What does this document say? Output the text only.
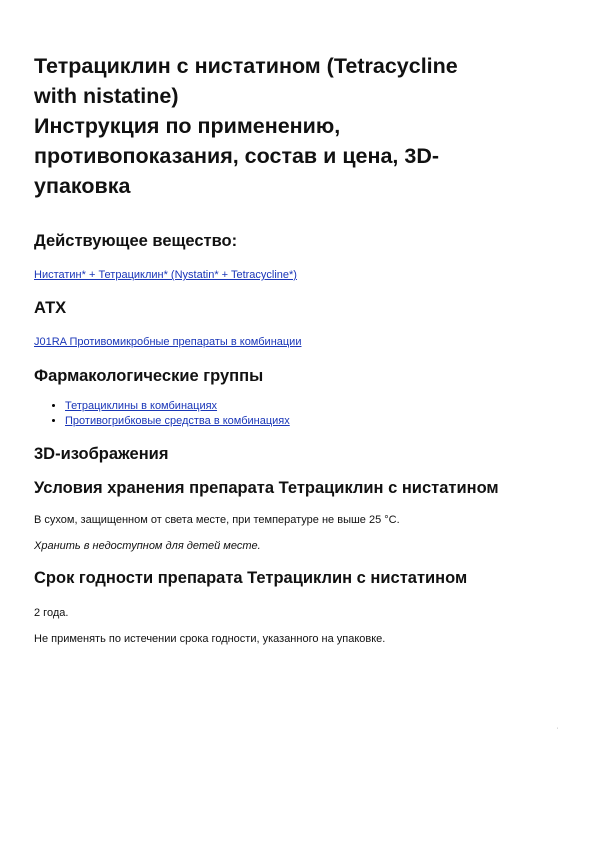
Тетрациклин с нистатином (Tetracycline
with nistatine)
Инструкция по применению,
противопоказания, состав и цена, 3D-
упаковка
Действующее вещество:

Нистатин* + Тетрациклин* (Nystatin* + Tetracycline*)

АТХ

J01RA Противомикробные препараты в комбинации

Фармакологические группы
• Тетрациклины в комбинациях
• Противогрибковые средства в комбинациях
3D-изображения
Условия хранения препарата Тетрациклин с нистатином

В сухом, защищенном от света месте, при температуре не выше 25 °C.

Хранить в недоступном для детей месте.

Срок годности препарата Тетрациклин с нистатином

2 года.

Не применять по истечении срока годности, указанного на упаковке.

'
